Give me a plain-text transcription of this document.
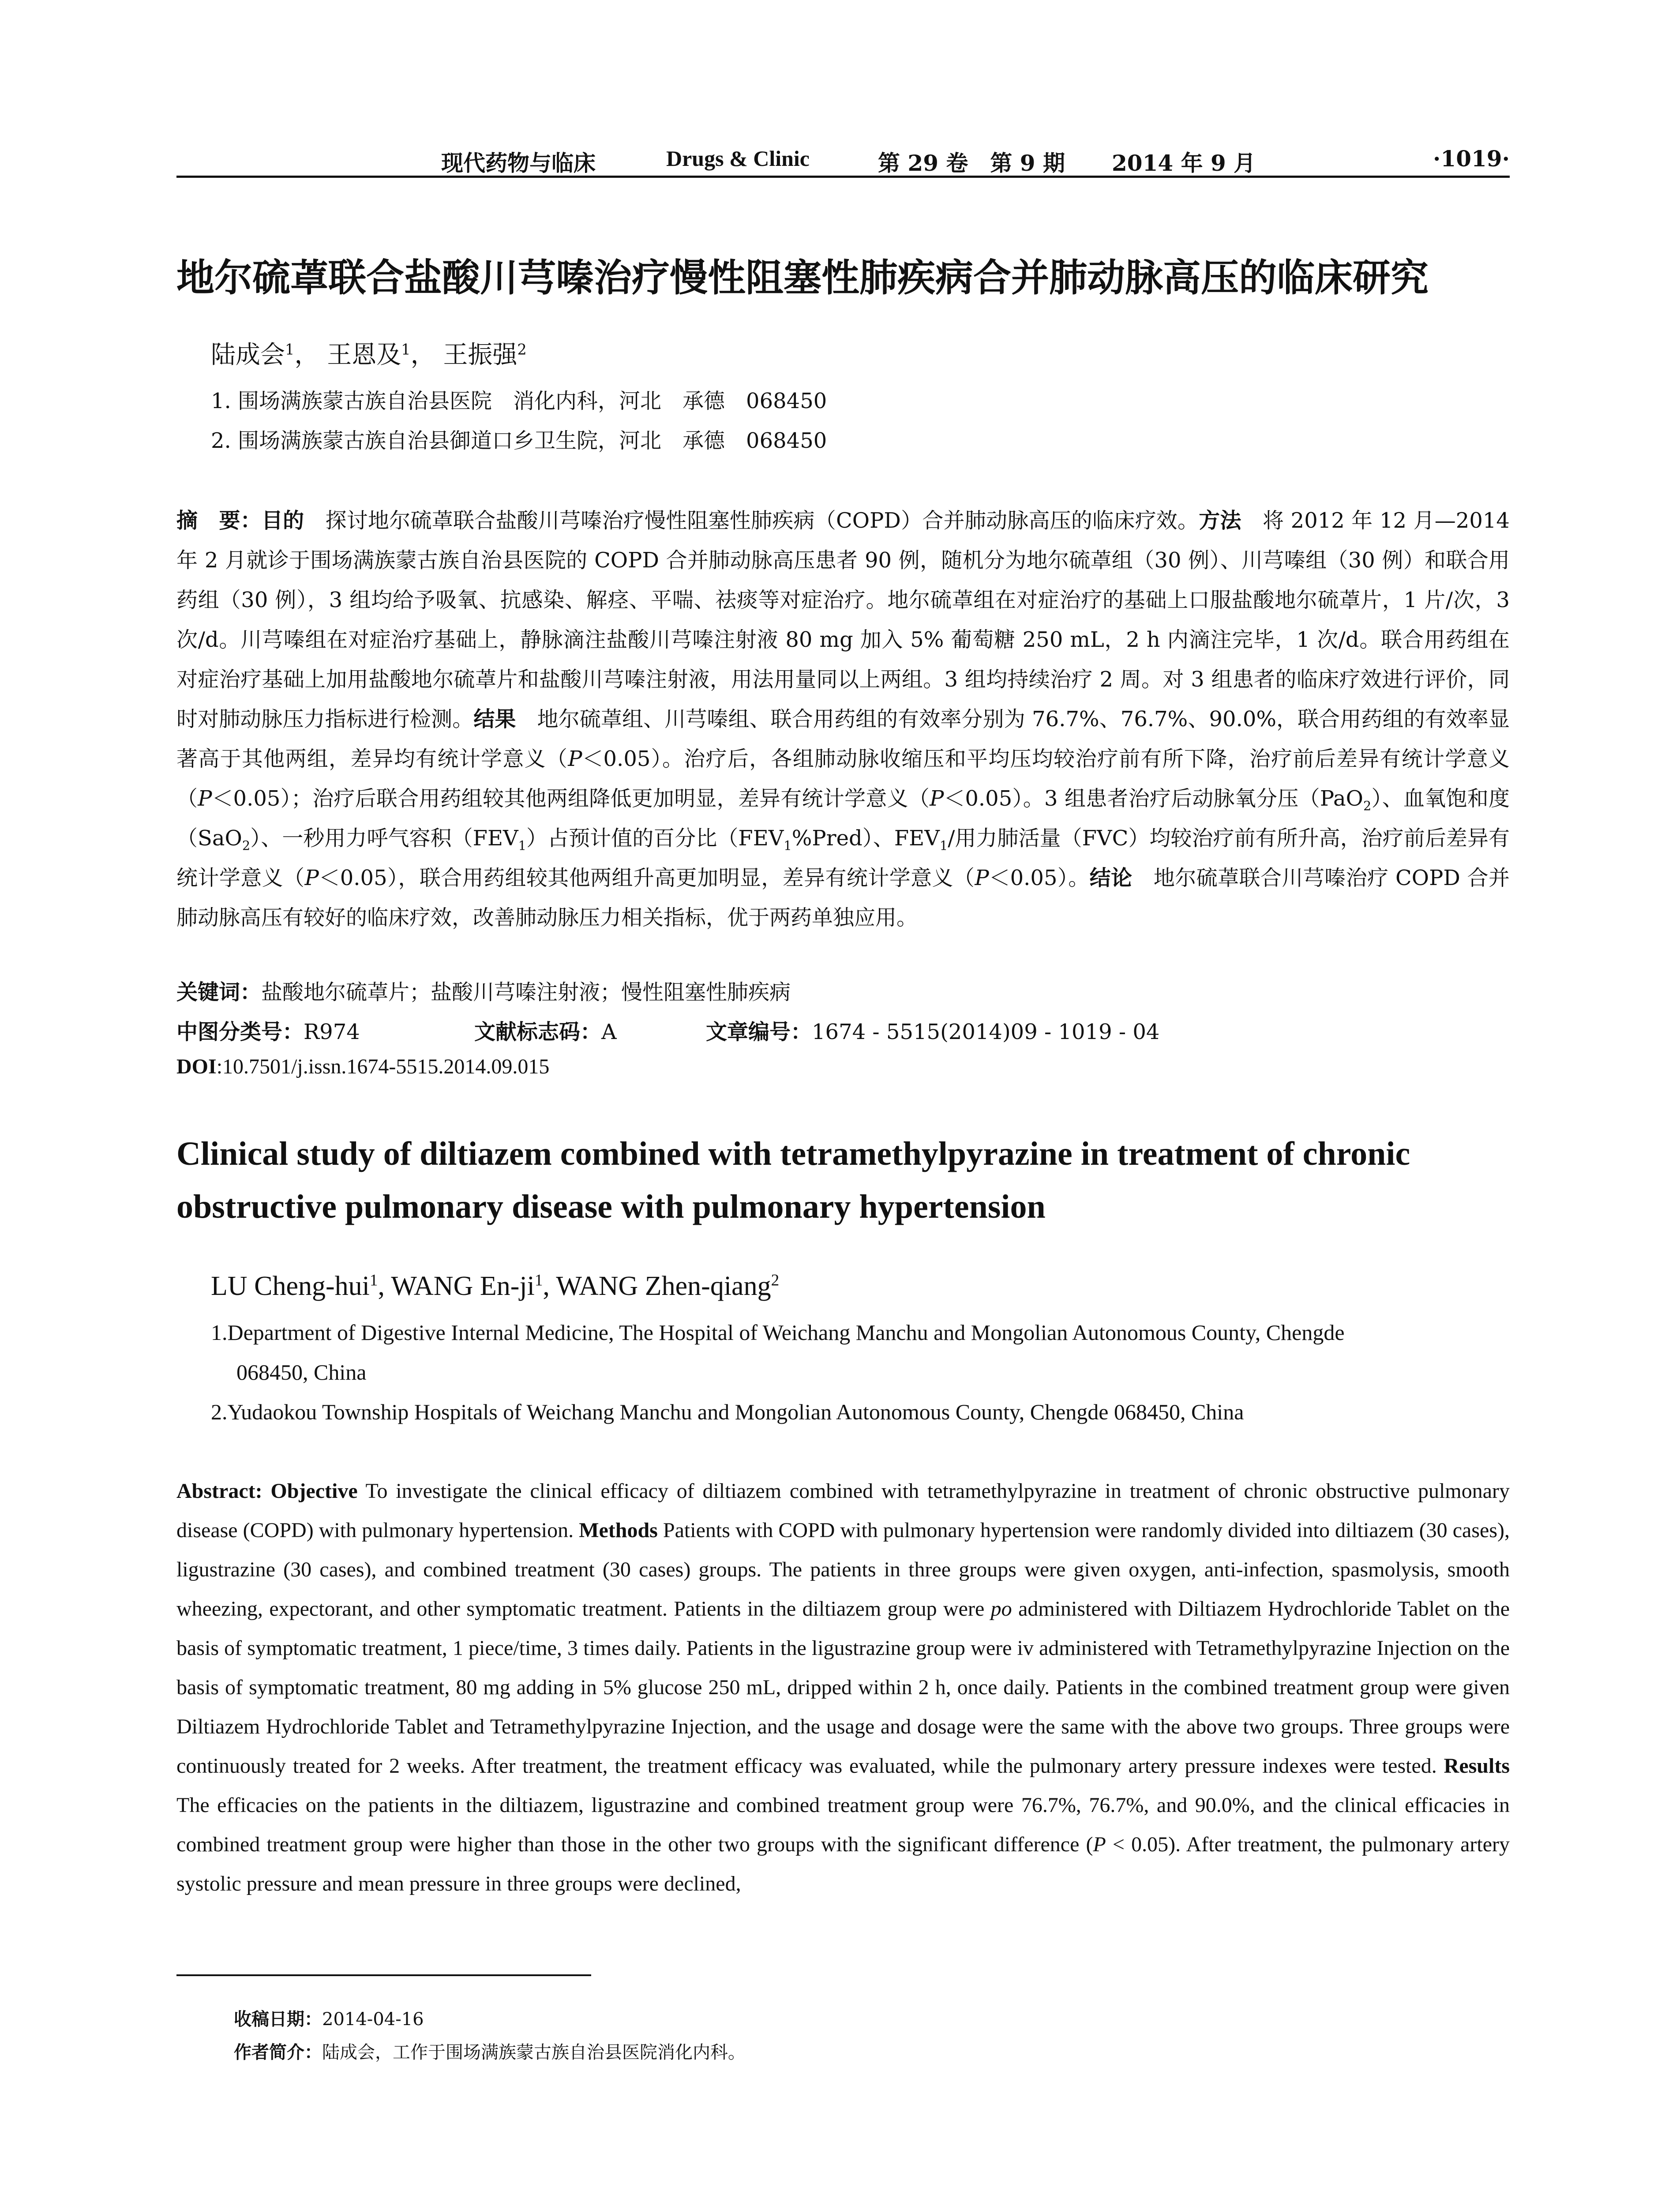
现代药物与临床	Drugs & Clinic	第 29 卷　第 9 期 2014 年 9 月	·1019·
地尔硫䓬联合盐酸川芎嗪治疗慢性阻塞性肺疾病合并肺动脉高压的临床研究
陆成会$^1$， 王恩及$^1$， 王振强$^2$
1. 围场满族蒙古族自治县医院　消化内科，河北　承德　068450
2. 围场满族蒙古族自治县御道口乡卫生院，河北　承德　068450

摘　要：目的　探讨地尔硫䓬联合盐酸川芎嗪治疗慢性阻塞性肺疾病（COPD）合并肺动脉高压的临床疗效。方法　将 2012 年 12 月—2014 年 2 月就诊于围场满族蒙古族自治县医院的 COPD 合并肺动脉高压患者 90 例，随机分为地尔硫䓬组（30 例）、川芎嗪组（30 例）和联合用药组（30 例），3 组均给予吸氧、抗感染、解痉、平喘、祛痰等对症治疗。地尔硫䓬组在对症治疗的基础上口服盐酸地尔硫䓬片，1 片/次，3 次/d。川芎嗪组在对症治疗基础上，静脉滴注盐酸川芎嗪注射液 80 mg 加入 5% 葡萄糖 250 mL，2 h 内滴注完毕，1 次/d。联合用药组在对症治疗基础上加用盐酸地尔硫䓬片和盐酸川芎嗪注射液，用法用量同以上两组。3 组均持续治疗 2 周。对 3 组患者的临床疗效进行评价，同时对肺动脉压力指标进行检测。结果　地尔硫䓬组、川芎嗪组、联合用药组的有效率分别为 76.7%、76.7%、90.0%，联合用药组的有效率显著高于其他两组，差异均有统计学意义（P＜0.05）。治疗后，各组肺动脉收缩压和平均压均较治疗前有所下降，治疗前后差异有统计学意义（P＜0.05）；治疗后联合用药组较其他两组降低更加明显，差异有统计学意义（P＜0.05）。3 组患者治疗后动脉氧分压（PaO$_2$）、血氧饱和度（SaO$_2$）、一秒用力呼气容积$(FEV_1)$占预计值的百分比$(FEV_1\%Pred)$、$FEV_1/$用力肺活量（FVC）均较治疗前有所升高，治疗前后差异有统计学意义（P＜0.05），联合用药组较其他两组升高更加明显，差异有统计学意义（P＜0.05）。结论　地尔硫䓬联合川芎嗪治疗 COPD 合并肺动脉高压有较好的临床疗效，改善肺动脉压力相关指标，优于两药单独应用。

关键词：盐酸地尔硫䓬片；盐酸川芎嗪注射液；慢性阻塞性肺疾病
中图分类号：R974	文献标志码：A	文章编号：1674 - 5515(2014)09 - 1019 - 04
DOI:10.7501/j.issn.1674-5515.2014.09.015

Clinical study of diltiazem combined with tetramethylpyrazine in treatment of chronic obstructive pulmonary disease with pulmonary hypertension

LU Cheng-hui$^1$, WANG $En-ji^1$, WANG Zhen-qiang$^2$

1.Department of Digestive Internal Medicine, The Hospital of Weichang Manchu and Mongolian Autonomous County, Chengde
068450, China

2.Yudaokou Township Hospitals of Weichang Manchu and Mongolian Autonomous County, Chengde 068450, China

Abstract: Objective To investigate the clinical efficacy of diltiazem combined with tetramethylpyrazine in treatment of chronic obstructive pulmonary disease (COPD) with pulmonary hypertension. Methods Patients with COPD with pulmonary hypertension were randomly divided into diltiazem (30 cases), ligustrazine (30 cases), and combined treatment (30 cases) groups. The patients in three groups were given oxygen, anti-infection, spasmolysis, smooth wheezing, expectorant, and other symptomatic treatment. Patients in the diltiazem group were po administered with Diltiazem Hydrochloride Tablet on the basis of symptomatic treatment, 1 piece/time, 3 times daily. Patients in the ligustrazine group were iv administered with Tetramethylpyrazine Injection on the basis of symptomatic treatment, 80 mg adding in 5% glucose 250 mL, dripped within 2 h, once daily. Patients in the combined treatment group were given Diltiazem Hydrochloride Tablet and Tetramethylpyrazine Injection, and the usage and dosage were the same with the above two groups. Three groups were continuously treated for 2 weeks. After treatment, the treatment efficacy was evaluated, while the pulmonary artery pressure indexes were tested. Results The efficacies on the patients in the diltiazem, ligustrazine and combined treatment group were 76.7%, 76.7%, and 90.0%, and the clinical efficacies in combined treatment group were higher than those in the other two groups with the significant difference (P < 0.05). After treatment, the pulmonary artery systolic pressure and mean pressure in three groups were declined,

收稿日期：2014-04-16
作者简介：陆成会，工作于围场满族蒙古族自治县医院消化内科。
